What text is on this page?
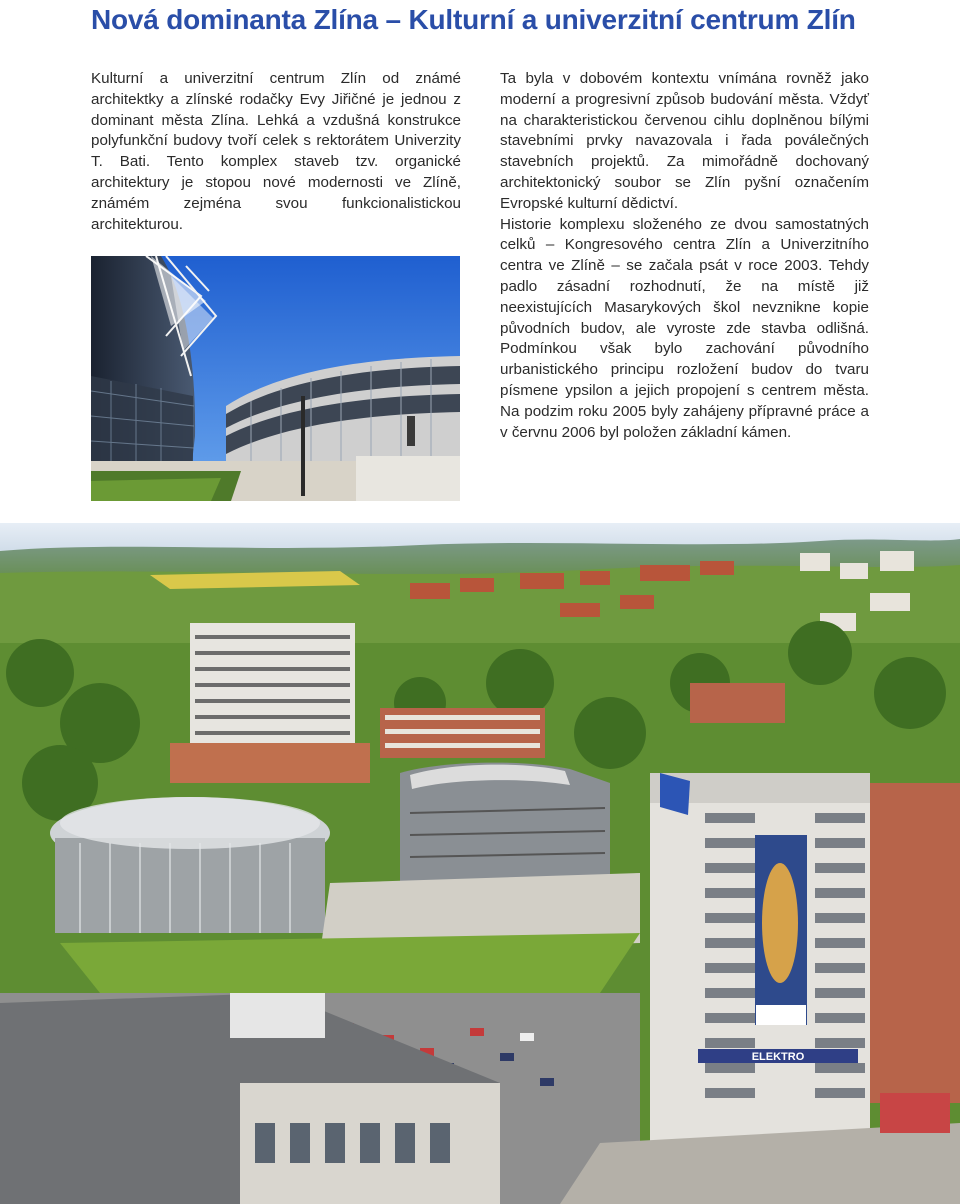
Nová dominanta Zlína – Kulturní a univerzitní centrum Zlín

Kulturní a univerzitní centrum Zlín od známé architektky a zlínské rodačky Evy Jiřičné je jednou z dominant města Zlína. Lehká a vzdušná konstrukce polyfunkční budovy tvoří celek s rektorátem Univerzity T. Bati. Tento komplex staveb tzv. organické architektury je stopou nové modernosti ve Zlíně, známém zejména svou funkcionalistickou architekturou.

Ta byla v dobovém kontextu vnímána rovněž jako moderní a progresivní způsob budování města. Vždyť na charakteristickou červenou cihlu doplněnou bílými stavebními prvky navazovala i řada poválečných stavebních projektů. Za mimořádně dochovaný architektonický soubor se Zlín pyšní označením Evropské kulturní dědictví.

Historie komplexu složeného ze dvou samostatných celků – Kongresového centra Zlín a Univerzitního centra ve Zlíně – se začala psát v roce 2003. Tehdy padlo zásadní rozhodnutí, že na místě již neexistujících Masarykových škol nevznikne kopie původních budov, ale vyroste zde stavba odlišná. Podmínkou však bylo zachování původního urbanistického principu rozložení budov do tvaru písmene ypsilon a jejich propojení s centrem města. Na podzim roku 2005 byly zahájeny přípravné práce a v červnu 2006 byl položen základní kámen.

ELEKTRO
